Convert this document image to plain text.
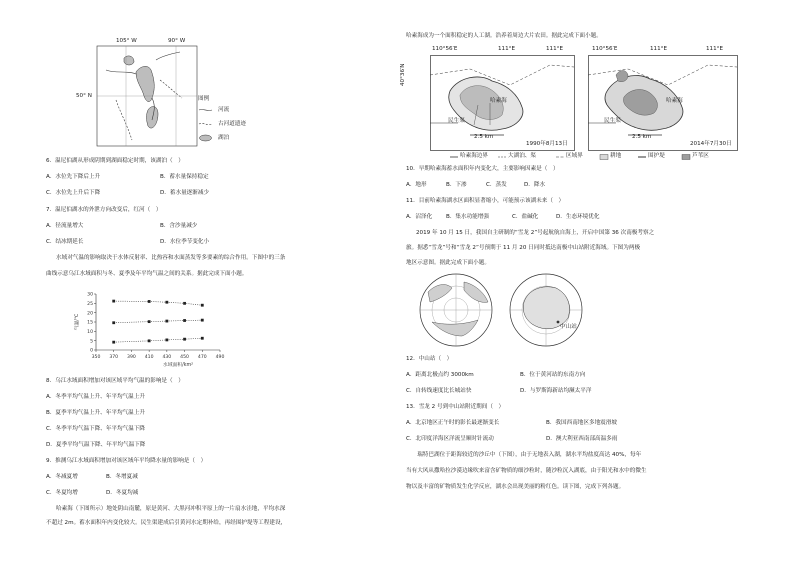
105° W	90° W
50° N	图例
河流
古河道遗迹
湖泊
6．温尼伯湖从形成阴期到湖面稳定时期，该湖泊（　）
A．水位先下降后上升	B．蓄水量保持稳定
C．水位先上升后下降	D．蓄水量逐渐减少
7．温尼伯湖水的外泄方向改变后，红河（　）
A．径流量增大	B．含沙量减少
C．结冰期延长	D．水位季节变化小
水域对气温的影响取决于水体反射率、比热容和水面蒸发等多要素的综合作用。下图中的三条
曲线示意乌江水域面积与冬、夏季及年平均气温之间的关系。据此完成下面小题。
350 370 390 410 430 450 470 490
0
5
10
15
20
25
30
水域面积/km²
气温/℃
8．乌江水域面积增加对该区域平均气温的影响是（　）
A．冬季平均气温上升、年平均气温上升
B．夏季平均气温上升、年平均气温上升
C．冬季平均气温下降、年平均气温下降
D．夏季平均气温下降、年平均气温下降
9．推测乌江水域面积增加对该区域年平均降水量的影响是（　）
A．冬减夏增	B．冬增夏减
C．冬夏均增	D．冬夏均减
哈素海（下图所示）地处阴山南麓，原是黄河、大黑河冲积平原上的一片扇水洼地，平均水深
不超过 2m。蓄水面积年内变化较大。民生渠建成后引黄河水定期补给，再经围护堤等工程建设，
哈素海成为一个面积稳定的人工湖。浩养着周边大片农田。据此完成下面小题。
110°56′E	111°E	111°E
哈素海
民生渠
2.5 km
1990年8月13日
40°36′N
110°56′E	111°E	111°E
哈素海
民生渠
2.5 km
2014年7月30日
哈素海边界	大湖泊、渠	区域界	耕地	围护堤	芦苇区
10．早期哈素海蓄水面积年内变化大，主要影响因素是（　）
A．地形	B．下渗	C．蒸发	D．降水
11．目前哈素海湖水区面积显著缩小，可能预示该湖未来（　）
A．沼泽化 B．集水功能增强	C．盐碱化	D．生态环境优化
2019 年 10 月 15 日，我国自主研制的“雪龙 2”号起航航自海上，开启中国第 36 次南极考察之
旅。据悉“雪龙”号和“雪龙 2”号预期于 11 月 20 日同时抵达南极中山站附近海域。下图为两极
地区示意图。据此完成下面小题。
中山站
12．中山站（　）
A．距离北极点约 3000km	B．位于黄河站的东南方向
C．自转线速度比长城站快	D．与罗斯海新站均濒太平洋
13．雪龙 2 号到中山站附近期间（　）
A．北京地区正午时的影长最逐渐变长	B．我国西南地区多地震滑坡
C．北印度洋海区洋流呈顺时针流动	D．澳大利亚西南部高温多雨
　　瑞特巴湖位于距海较近的沙丘中（下图），由于无地表入湖，湖水平均盐度高达 40%，每年
当有大风从撒哈拉沙漠边缘吹来富含矿物质的细沙粒时，随沙粒沉入湖底，由于阳光和水中的微生
物以及丰富的矿物质发生化学反应，湖水会出现美丽的粉红色。读下图，完成下列各题。
